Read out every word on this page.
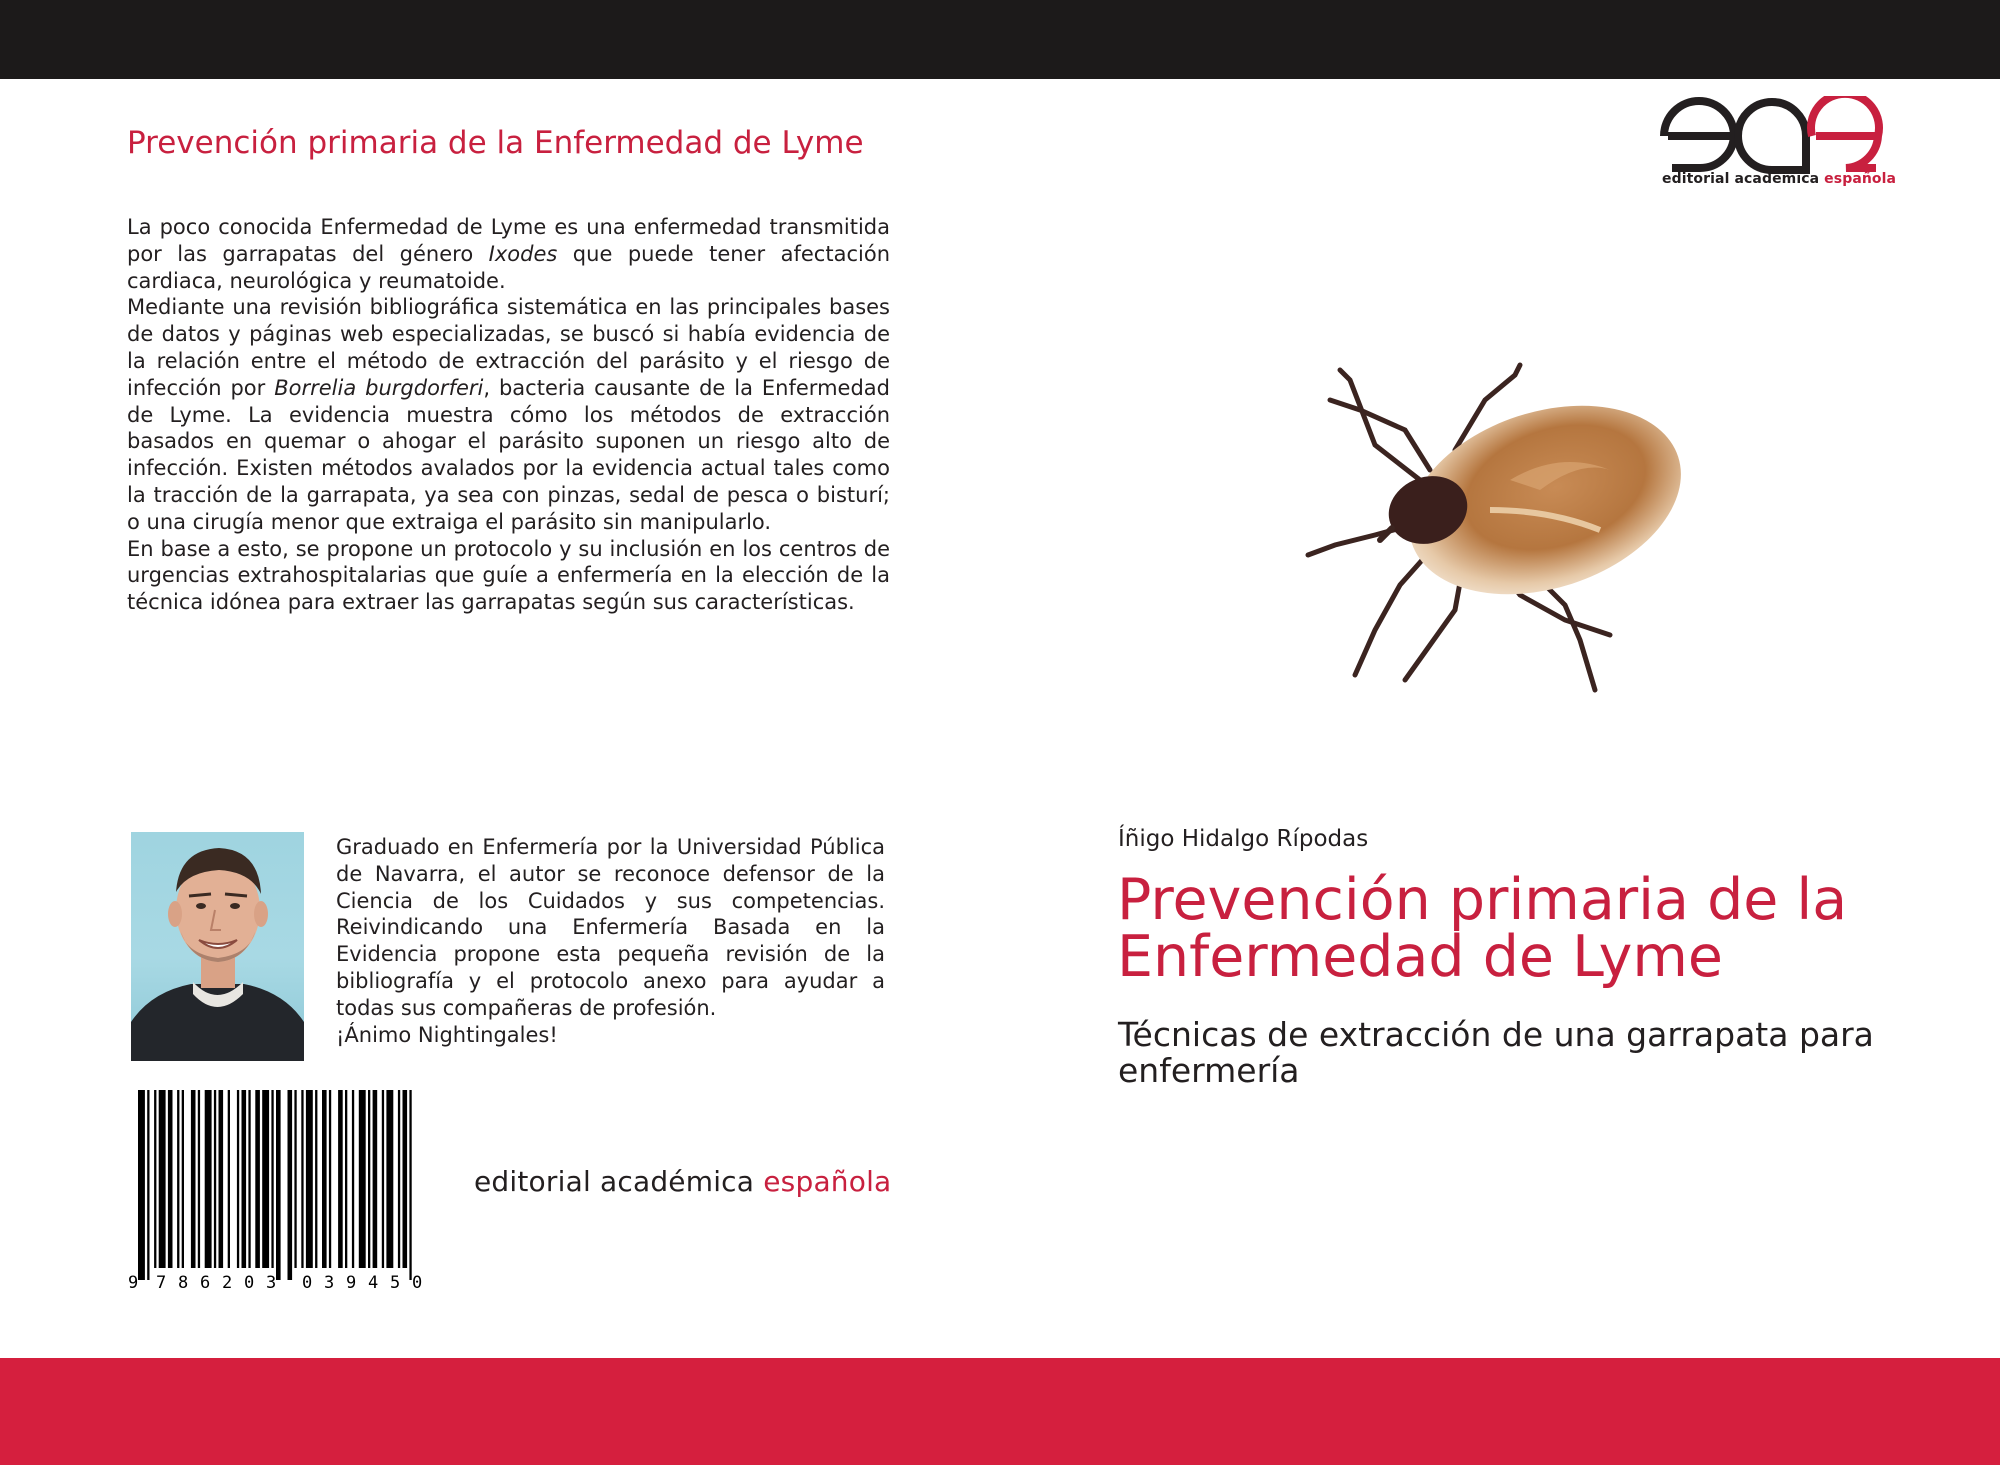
Prevención primaria de la Enfermedad de Lyme

La poco conocida Enfermedad de Lyme es una enfermedad transmitida por las garrapatas del género Ixodes que puede tener afectación cardiaca, neurológica y reumatoide.

Mediante una revisión bibliográfica sistemática en las principales bases de datos y páginas web especializadas, se buscó si había evidencia de la relación entre el método de extracción del parásito y el riesgo de infección por Borrelia burgdorferi, bacteria causante de la Enfermedad de Lyme. La evidencia muestra cómo los métodos de extracción basados en quemar o ahogar el parásito suponen un riesgo alto de infección. Existen métodos avalados por la evidencia actual tales como la tracción de la garrapata, ya sea con pinzas, sedal de pesca o bisturí; o una cirugía menor que extraiga el parásito sin manipularlo.

En base a esto, se propone un protocolo y su inclusión en los centros de urgencias extrahospitalarias que guíe a enfermería en la elección de la técnica idónea para extraer las garrapatas según sus características.

Graduado en Enfermería por la Universidad Pública de Navarra, el autor se reconoce defensor de la Ciencia de los Cuidados y sus competencias. Reivindicando una Enfermería Basada en la Evidencia propone esta pequeña revisión de la bibliografía y el protocolo anexo para ayudar a todas sus compañeras de profesión.

¡Ánimo Nightingales!

9 7 8 6 2 0 3 0 3 9 4 5 0
editorial académica española
editorial académica española
Íñigo Hidalgo Rípodas
Prevención primaria de la Enfermedad de Lyme
Técnicas de extracción de una garrapata para enfermería
